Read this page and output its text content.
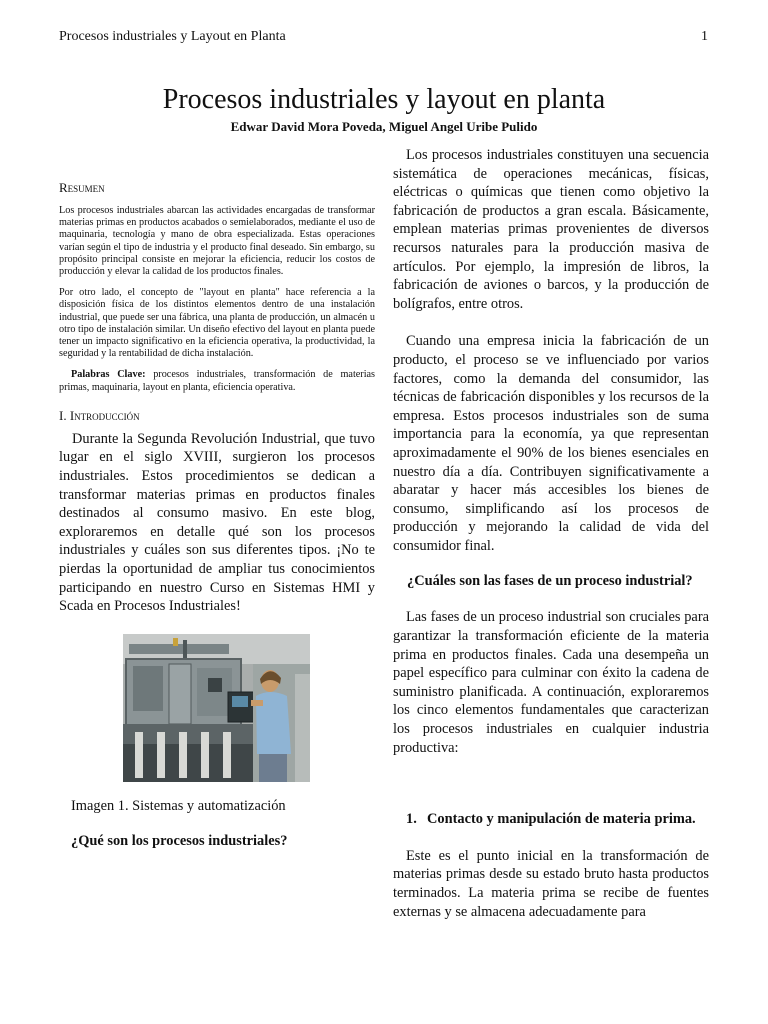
Procesos industriales y Layout en Planta	1
Procesos industriales y layout en planta
Edwar David Mora Poveda, Miguel Angel Uribe Pulido
Resumen

Los procesos industriales abarcan las actividades encargadas de transformar materias primas en productos acabados o semielaborados, mediante el uso de maquinaria, tecnología y mano de obra especializada. Estas operaciones varían según el tipo de industria y el producto final deseado. Sin embargo, su propósito principal consiste en mejorar la eficiencia, reducir los costos de producción y elevar la calidad de los productos finales.

Por otro lado, el concepto de "layout en planta" hace referencia a la disposición física de los distintos elementos dentro de una instalación industrial, que puede ser una fábrica, una planta de producción, un almacén u otro tipo de instalación similar. Un diseño efectivo del layout en planta puede tener un impacto significativo en la eficiencia operativa, la productividad, la seguridad y la rentabilidad de dicha instalación.

Palabras Clave: procesos industriales, transformación de materias primas, maquinaria, layout en planta, eficiencia operativa.

I. Introducción

Durante la Segunda Revolución Industrial, que tuvo lugar en el siglo XVIII, surgieron los procesos industriales. Estos procedimientos se dedican a transformar materias primas en productos finales destinados al consumo masivo. En este blog, exploraremos en detalle qué son los procesos industriales y cuáles son sus diferentes tipos. ¡No te pierdas la oportunidad de ampliar tus conocimientos participando en nuestro Curso en Sistemas HMI y Scada en Procesos Industriales!

Imagen 1. Sistemas y automatización
¿Qué son los procesos industriales?

Los procesos industriales constituyen una secuencia sistemática de operaciones mecánicas, físicas, eléctricas o químicas que tienen como objetivo la fabricación de productos a gran escala. Básicamente, emplean materias primas provenientes de diversos recursos naturales para la producción masiva de artículos. Por ejemplo, la impresión de libros, la fabricación de aviones o barcos, y la producción de bolígrafos, entre otros.

Cuando una empresa inicia la fabricación de un producto, el proceso se ve influenciado por varios factores, como la demanda del consumidor, las técnicas de fabricación disponibles y los recursos de la empresa. Estos procesos industriales son de suma importancia para la economía, ya que representan aproximadamente el 90% de los bienes esenciales en nuestro día a día. Contribuyen significativamente a abaratar y hacer más accesibles los bienes de consumo, simplificando así los procesos de producción y mejorando la calidad de vida del consumidor final.

¿Cuáles son las fases de un proceso industrial?

Las fases de un proceso industrial son cruciales para garantizar la transformación eficiente de la materia prima en productos finales. Cada una desempeña un papel específico para culminar con éxito la cadena de suministro planificada. A continuación, exploraremos los cinco elementos fundamentales que caracterizan los procesos industriales en cualquier industria productiva:

1. Contacto y manipulación de materia prima.

Este es el punto inicial en la transformación de materias primas desde su estado bruto hasta productos terminados. La materia prima se recibe de fuentes externas y se almacena adecuadamente para
